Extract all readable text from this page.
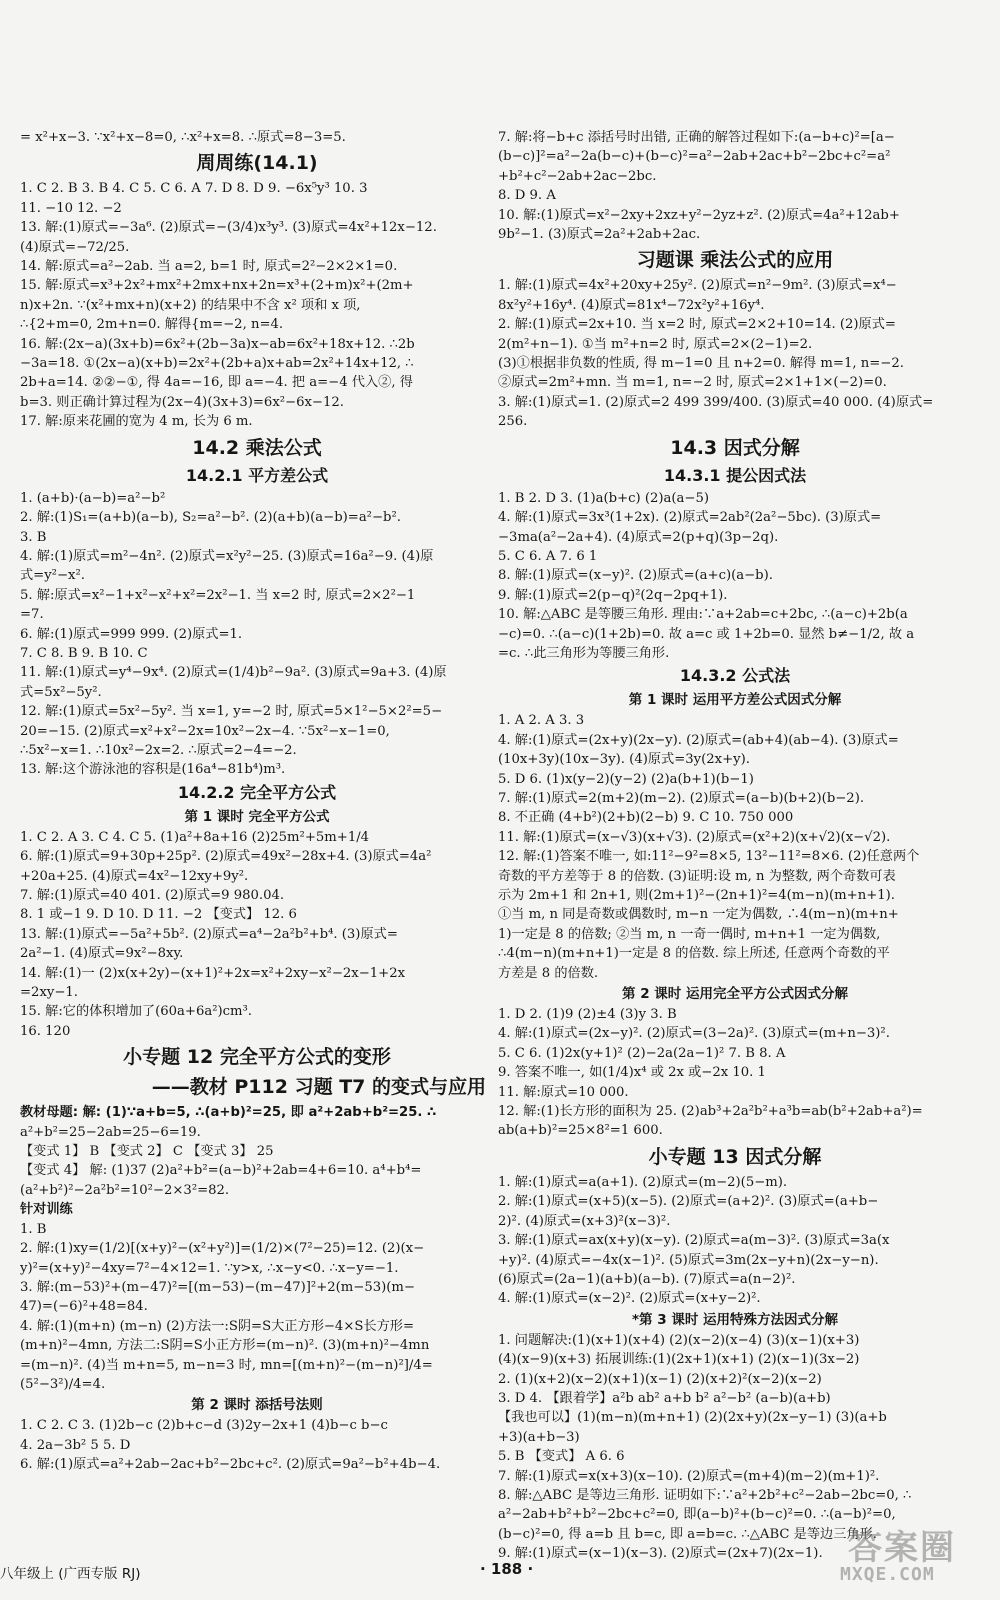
= x²+x−3. ∵x²+x−8=0, ∴x²+x=8. ∴原式=8−3=5.
周周练(14.1)
1. C 2. B 3. B 4. C 5. C 6. A 7. D 8. D 9. −6x⁵y³ 10. 3
11. −10 12. −2
13. 解:(1)原式=−3a⁶. (2)原式=−(3/4)x³y³. (3)原式=4x²+12x−12.
(4)原式=−72/25.
14. 解:原式=a²−2ab. 当 a=2, b=1 时, 原式=2²−2×2×1=0.
15. 解:原式=x³+2x²+mx²+2mx+nx+2n=x³+(2+m)x²+(2m+
n)x+2n. ∵(x²+mx+n)(x+2) 的结果中不含 x² 项和 x 项,
∴{2+m=0, 2m+n=0. 解得{m=−2, n=4.
16. 解:(2x−a)(3x+b)=6x²+(2b−3a)x−ab=6x²+18x+12. ∴2b
−3a=18. ①(2x−a)(x+b)=2x²+(2b+a)x+ab=2x²+14x+12, ∴
2b+a=14. ②②−①, 得 4a=−16, 即 a=−4. 把 a=−4 代入②, 得
b=3. 则正确计算过程为(2x−4)(3x+3)=6x²−6x−12.
17. 解:原来花圃的宽为 4 m, 长为 6 m.
14.2 乘法公式
14.2.1 平方差公式
1. (a+b)·(a−b)=a²−b²
2. 解:(1)S₁=(a+b)(a−b), S₂=a²−b². (2)(a+b)(a−b)=a²−b².
3. B
4. 解:(1)原式=m²−4n². (2)原式=x²y²−25. (3)原式=16a²−9. (4)原
式=y²−x².
5. 解:原式=x²−1+x²−x²+x²=2x²−1. 当 x=2 时, 原式=2×2²−1
=7.
6. 解:(1)原式=999 999. (2)原式=1.
7. C 8. B 9. B 10. C
11. 解:(1)原式=y⁴−9x⁴. (2)原式=(1/4)b²−9a². (3)原式=9a+3. (4)原
式=5x²−5y².
12. 解:(1)原式=5x²−5y². 当 x=1, y=−2 时, 原式=5×1²−5×2²=5−
20=−15. (2)原式=x²+x²−2x=10x²−2x−4. ∵5x²−x−1=0,
∴5x²−x=1. ∴10x²−2x=2. ∴原式=2−4=−2.
13. 解:这个游泳池的容积是(16a⁴−81b⁴)m³.
14.2.2 完全平方公式
第 1 课时 完全平方公式
1. C 2. A 3. C 4. C 5. (1)a²+8a+16 (2)25m²+5m+1/4
6. 解:(1)原式=9+30p+25p². (2)原式=49x²−28x+4. (3)原式=4a²
+20a+25. (4)原式=4x²−12xy+9y².
7. 解:(1)原式=40 401. (2)原式=9 980.04.
8. 1 或−1 9. D 10. D 11. −2 【变式】 12. 6
13. 解:(1)原式=−5a²+5b². (2)原式=a⁴−2a²b²+b⁴. (3)原式=
2a²−1. (4)原式=9x²−8xy.
14. 解:(1)一 (2)x(x+2y)−(x+1)²+2x=x²+2xy−x²−2x−1+2x
=2xy−1.
15. 解:它的体积增加了(60a+6a²)cm³.
16. 120
小专题 12 完全平方公式的变形
——教材 P112 习题 T7 的变式与应用
教材母题: 解: (1)∵a+b=5, ∴(a+b)²=25, 即 a²+2ab+b²=25. ∴
a²+b²=25−2ab=25−6=19.
【变式 1】 B 【变式 2】 C 【变式 3】 25
【变式 4】 解: (1)37 (2)a²+b²=(a−b)²+2ab=4+6=10. a⁴+b⁴=
(a²+b²)²−2a²b²=10²−2×3²=82.
针对训练
1. B
2. 解:(1)xy=(1/2)[(x+y)²−(x²+y²)]=(1/2)×(7²−25)=12. (2)(x−
y)²=(x+y)²−4xy=7²−4×12=1. ∵y>x, ∴x−y<0. ∴x−y=−1.
3. 解:(m−53)²+(m−47)²=[(m−53)−(m−47)]²+2(m−53)(m−
47)=(−6)²+48=84.
4. 解:(1)(m+n) (m−n) (2)方法一:S阴=S大正方形−4×S长方形=
(m+n)²−4mn, 方法二:S阴=S小正方形=(m−n)². (3)(m+n)²−4mn
=(m−n)². (4)当 m+n=5, m−n=3 时, mn=[(m+n)²−(m−n)²]/4=
(5²−3²)/4=4.
第 2 课时 添括号法则
1. C 2. C 3. (1)2b−c (2)b+c−d (3)2y−2x+1 (4)b−c b−c
4. 2a−3b² 5 5. D
6. 解:(1)原式=a²+2ab−2ac+b²−2bc+c². (2)原式=9a²−b²+4b−4.
7. 解:将−b+c 添括号时出错, 正确的解答过程如下:(a−b+c)²=[a−
(b−c)]²=a²−2a(b−c)+(b−c)²=a²−2ab+2ac+b²−2bc+c²=a²
+b²+c²−2ab+2ac−2bc.
8. D 9. A
10. 解:(1)原式=x²−2xy+2xz+y²−2yz+z². (2)原式=4a²+12ab+
9b²−1. (3)原式=2a²+2ab+2ac.
习题课 乘法公式的应用
1. 解:(1)原式=4x²+20xy+25y². (2)原式=n²−9m². (3)原式=x⁴−
8x²y²+16y⁴. (4)原式=81x⁴−72x²y²+16y⁴.
2. 解:(1)原式=2x+10. 当 x=2 时, 原式=2×2+10=14. (2)原式=
2(m²+n−1). ①当 m²+n=2 时, 原式=2×(2−1)=2.
(3)①根据非负数的性质, 得 m−1=0 且 n+2=0. 解得 m=1, n=−2.
②原式=2m²+mn. 当 m=1, n=−2 时, 原式=2×1+1×(−2)=0.
3. 解:(1)原式=1. (2)原式=2 499 399/400. (3)原式=40 000. (4)原式=
256.
14.3 因式分解
14.3.1 提公因式法
1. B 2. D 3. (1)a(b+c) (2)a(a−5)
4. 解:(1)原式=3x³(1+2x). (2)原式=2ab²(2a²−5bc). (3)原式=
−3ma(a²−2a+4). (4)原式=2(p+q)(3p−2q).
5. C 6. A 7. 6 1
8. 解:(1)原式=(x−y)². (2)原式=(a+c)(a−b).
9. 解:(1)原式=2(p−q)²(2q−2pq+1).
10. 解:△ABC 是等腰三角形. 理由:∵a+2ab=c+2bc, ∴(a−c)+2b(a
−c)=0. ∴(a−c)(1+2b)=0. 故 a=c 或 1+2b=0. 显然 b≠−1/2, 故 a
=c. ∴此三角形为等腰三角形.
14.3.2 公式法
第 1 课时 运用平方差公式因式分解
1. A 2. A 3. 3
4. 解:(1)原式=(2x+y)(2x−y). (2)原式=(ab+4)(ab−4). (3)原式=
(10x+3y)(10x−3y). (4)原式=3y(2x+y).
5. D 6. (1)x(y−2)(y−2) (2)a(b+1)(b−1)
7. 解:(1)原式=2(m+2)(m−2). (2)原式=(a−b)(b+2)(b−2).
8. 不正确 (4+b²)(2+b)(2−b) 9. C 10. 750 000
11. 解:(1)原式=(x−√3)(x+√3). (2)原式=(x²+2)(x+√2)(x−√2).
12. 解:(1)答案不唯一, 如:11²−9²=8×5, 13²−11²=8×6. (2)任意两个
奇数的平方差等于 8 的倍数. (3)证明:设 m, n 为整数, 两个奇数可表
示为 2m+1 和 2n+1, 则(2m+1)²−(2n+1)²=4(m−n)(m+n+1).
①当 m, n 同是奇数或偶数时, m−n 一定为偶数, ∴4(m−n)(m+n+
1)一定是 8 的倍数; ②当 m, n 一奇一偶时, m+n+1 一定为偶数,
∴4(m−n)(m+n+1)一定是 8 的倍数. 综上所述, 任意两个奇数的平
方差是 8 的倍数.
第 2 课时 运用完全平方公式因式分解
1. D 2. (1)9 (2)±4 (3)y 3. B
4. 解:(1)原式=(2x−y)². (2)原式=(3−2a)². (3)原式=(m+n−3)².
5. C 6. (1)2x(y+1)² (2)−2a(2a−1)² 7. B 8. A
9. 答案不唯一, 如(1/4)x⁴ 或 2x 或−2x 10. 1
11. 解:原式=10 000.
12. 解:(1)长方形的面积为 25. (2)ab³+2a²b²+a³b=ab(b²+2ab+a²)=
ab(a+b)²=25×8²=1 600.
小专题 13 因式分解
1. 解:(1)原式=a(a+1). (2)原式=(m−2)(5−m).
2. 解:(1)原式=(x+5)(x−5). (2)原式=(a+2)². (3)原式=(a+b−
2)². (4)原式=(x+3)²(x−3)².
3. 解:(1)原式=ax(x+y)(x−y). (2)原式=a(m−3)². (3)原式=3a(x
+y)². (4)原式=−4x(x−1)². (5)原式=3m(2x−y+n)(2x−y−n).
(6)原式=(2a−1)(a+b)(a−b). (7)原式=a(n−2)².
4. 解:(1)原式=(x−2)². (2)原式=(x+y−2)².
*第 3 课时 运用特殊方法因式分解
1. 问题解决:(1)(x+1)(x+4) (2)(x−2)(x−4) (3)(x−1)(x+3)
(4)(x−9)(x+3) 拓展训练:(1)(2x+1)(x+1) (2)(x−1)(3x−2)
2. (1)(x+2)(x−2)(x+1)(x−1) (2)(x+2)²(x−2)(x−2)
3. D 4. 【跟着学】a²b ab² a+b b² a²−b² (a−b)(a+b)
【我也可以】(1)(m−n)(m+n+1) (2)(2x+y)(2x−y−1) (3)(a+b
+3)(a+b−3)
5. B 【变式】 A 6. 6
7. 解:(1)原式=x(x+3)(x−10). (2)原式=(m+4)(m−2)(m+1)².
8. 解:△ABC 是等边三角形. 证明如下:∵a²+2b²+c²−2ab−2bc=0, ∴
a²−2ab+b²+b²−2bc+c²=0, 即(a−b)²+(b−c)²=0. ∴(a−b)²=0,
(b−c)²=0, 得 a=b 且 b=c, 即 a=b=c. ∴△ABC 是等边三角形.
9. 解:(1)原式=(x−1)(x−3). (2)原式=(2x+7)(2x−1).
八年级上 (广西专版 RJ)	· 188 ·
答案圈
MXQE.COM
